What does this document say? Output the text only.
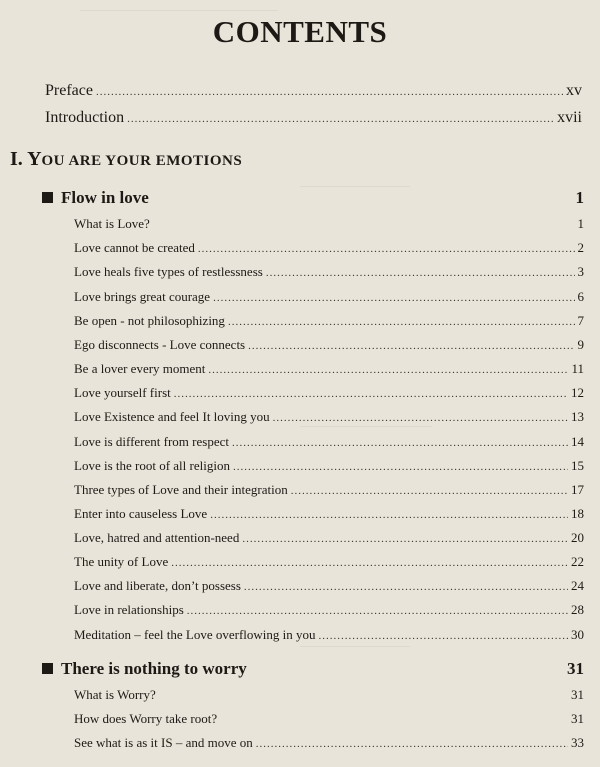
——————————————————
——————————
————————————
——————————
CONTENTS
Preface .....	xv
Introduction .....	xvii
I. YOU ARE YOUR EMOTIONS
Flow in love	1
What is Love?	1
Love cannot be created .....	2
Love heals five types of restlessness .....	3
Love brings great courage .....	6
Be open - not philosophizing .....	7
Ego disconnects - Love connects .....	9
Be a lover every moment .....	11
Love yourself first .....	12
Love Existence and feel It loving you .....	13
Love is different from respect .....	14
Love is the root of all religion .....	15
Three types of Love and their integration .....	17
Enter into causeless Love .....	18
Love, hatred and attention-need .....	20
The unity of Love .....	22
Love and liberate, don’t possess .....	24
Love in relationships .....	28
Meditation – feel the Love overflowing in you .....	30
There is nothing to worry	31
What is Worry?	31
How does Worry take root?	31
See what is as it IS – and move on .....	33
